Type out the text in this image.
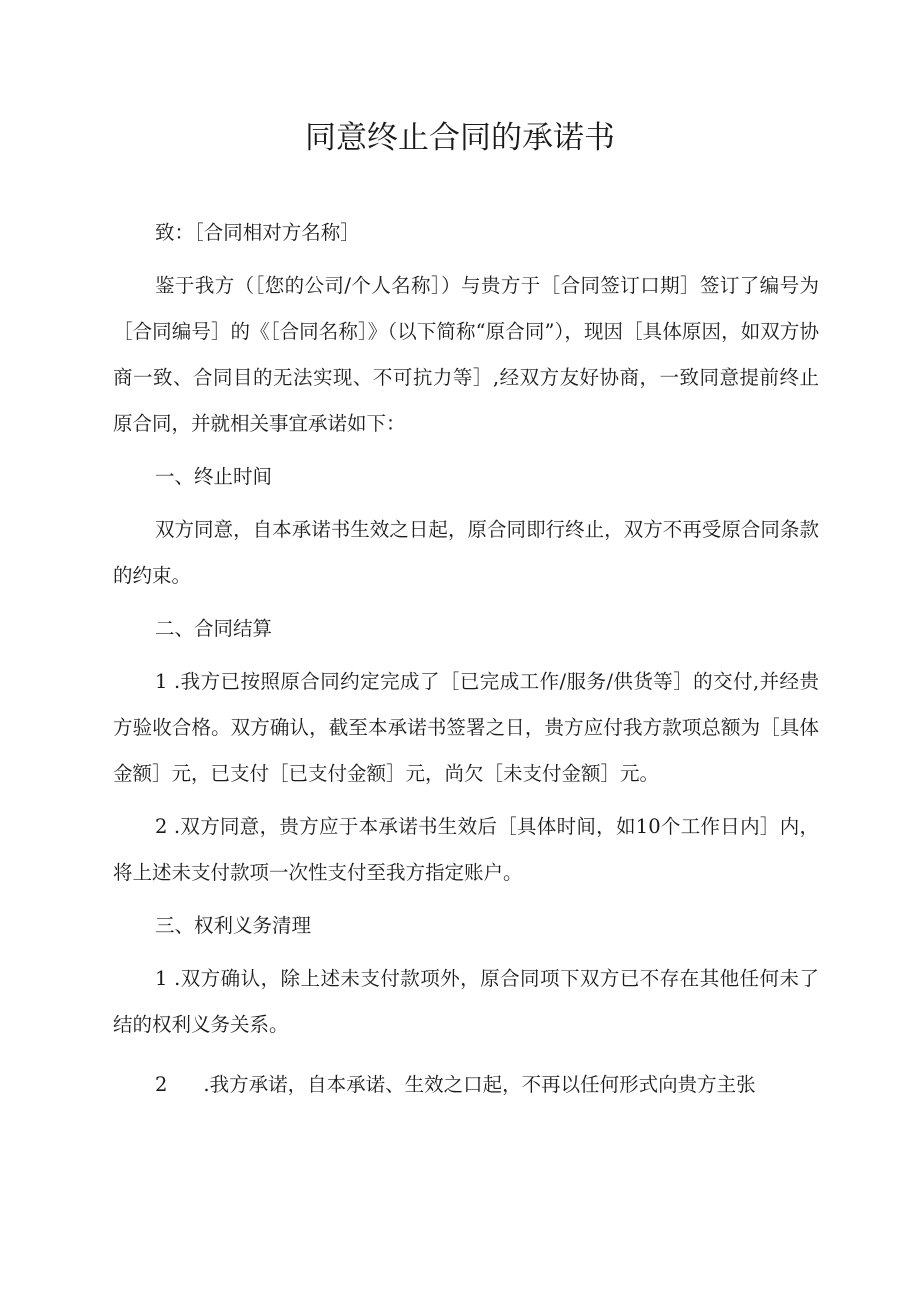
同意终止合同的承诺书

致：［合同相对方名称］

鉴于我方（［您的公司/个人名称］）与贵方于［合同签订口期］签订了编号为［合同编号］的《［合同名称］》（以下简称“原合同”），现因［具体原因，如双方协商一致、合同目的无法实现、不可抗力等］,经双方友好协商，一致同意提前终止原合同，并就相关事宜承诺如下：

一、终止时间

双方同意，自本承诺书生效之日起，原合同即行终止，双方不再受原合同条款的约束。

二、合同结算

1 .我方已按照原合同约定完成了［已完成工作/服务/供货等］的交付,并经贵方验收合格。双方确认，截至本承诺书签署之日，贵方应付我方款项总额为［具体金额］元，已支付［已支付金额］元，尚欠［未支付金额］元。

2 .双方同意，贵方应于本承诺书生效后［具体时间，如10个工作日内］内，将上述未支付款项一次性支付至我方指定账户。

三、权利义务清理

1 .双方确认，除上述未支付款项外，原合同项下双方已不存在其他任何未了结的权利义务关系。

2 .我方承诺，自本承诺、生效之口起，不再以任何形式向贵方主张
